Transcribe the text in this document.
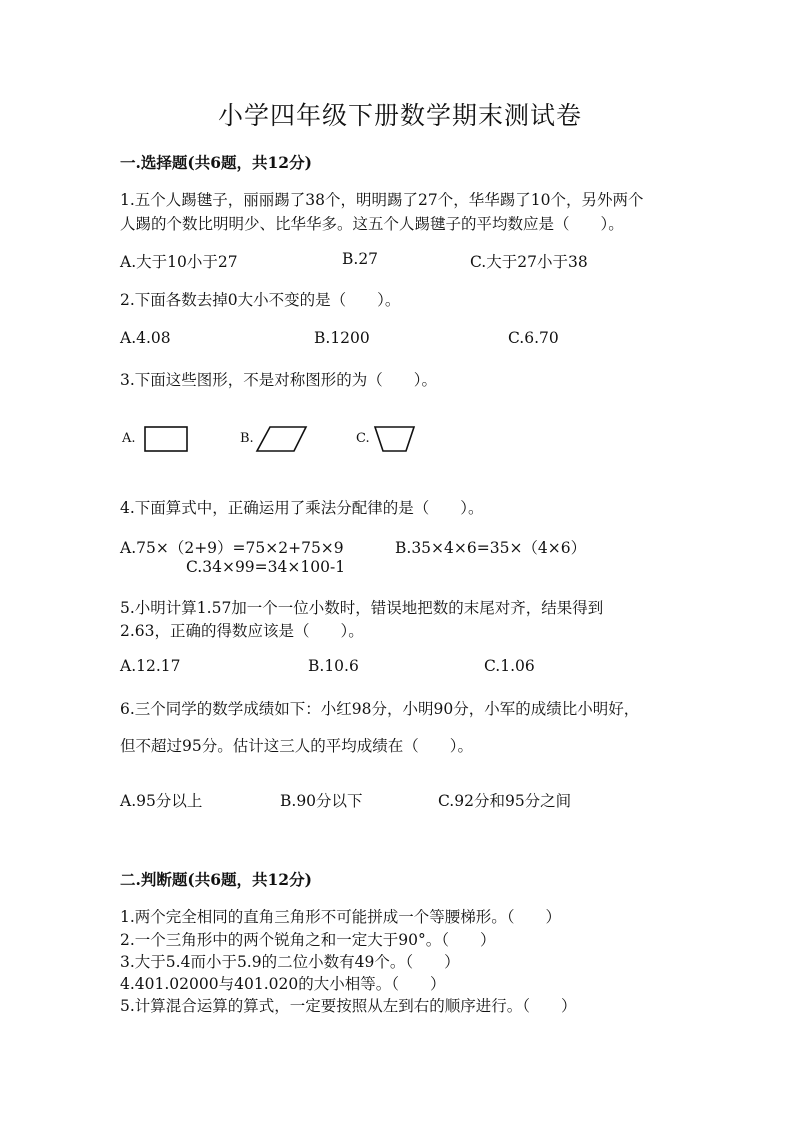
小学四年级下册数学期末测试卷
一.选择题(共6题，共12分)
1.五个人踢毽子，丽丽踢了38个，明明踢了27个，华华踢了10个，另外两个
人踢的个数比明明少、比华华多。这五个人踢毽子的平均数应是（　　）。
A.大于10小于27	B.27	C.大于27小于38
2.下面各数去掉0大小不变的是（　　）。
A.4.08	B.1200	C.6.70
3.下面这些图形，不是对称图形的为（　　）。
A.	B.	C.
4.下面算式中，正确运用了乘法分配律的是（　　）。
A.75×（2+9）=75×2+75×9	B.35×4×6=35×（4×6）
C.34×99=34×100-1
5.小明计算1.57加一个一位小数时，错误地把数的末尾对齐，结果得到
2.63，正确的得数应该是（　　）。
A.12.17	B.10.6	C.1.06
6.三个同学的数学成绩如下：小红98分，小明90分，小军的成绩比小明好，
但不超过95分。估计这三人的平均成绩在（　　）。
A.95分以上	B.90分以下	C.92分和95分之间
二.判断题(共6题，共12分)
1.两个完全相同的直角三角形不可能拼成一个等腰梯形。（　　）
2.一个三角形中的两个锐角之和一定大于90°。（　　）
3.大于5.4而小于5.9的二位小数有49个。（　　）
4.401.02000与401.020的大小相等。（　　）
5.计算混合运算的算式，一定要按照从左到右的顺序进行。（　　）
